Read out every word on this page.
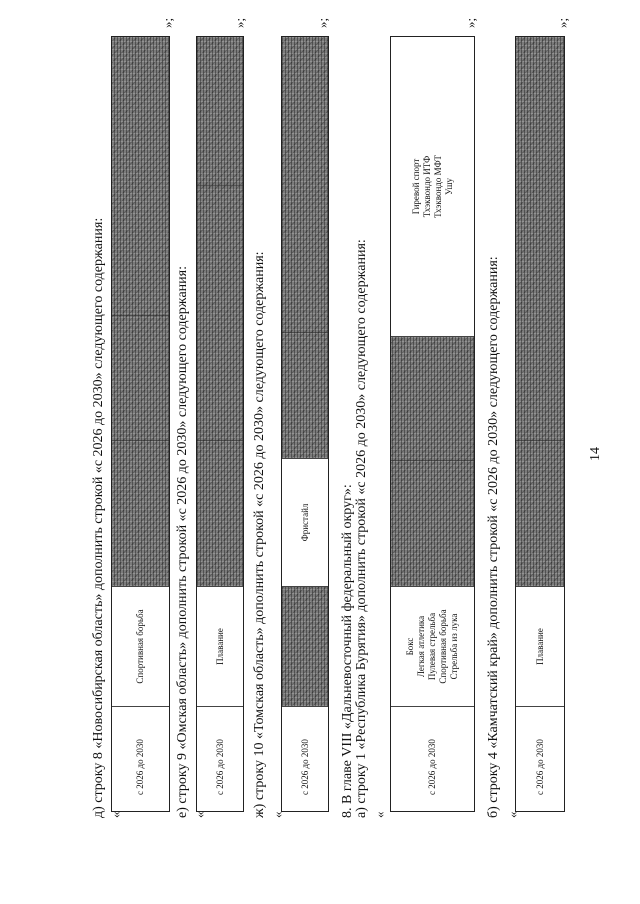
14
д) строку 8 «Новосибирская область» дополнить строкой «с 2026 до 2030» следующего содержания: «
с 2026 до 2030
Спортивная борьба
»;
е) строку 9 «Омская область» дополнить строкой «с 2026 до 2030» следующего содержания: «
с 2026 до 2030
Плавание
»;
ж) строку 10 «Томская область» дополнить строкой «с 2026 до 2030» следующего содержания: «
с 2026 до 2030
Фристайл
»;
8. В главе VIII «Дальневосточный федеральный округ»: а) строку 1 «Республика Бурятия» дополнить строкой «с 2026 до 2030» следующего содержания: «
с 2026 до 2030
Бокс Легкая атлетика Пулевая стрельба Спортивная борьба Стрельба из лука
Гиревой спорт Тхэквондо ИТФ Тхэквондо МФТ Ушу
»;
б) строку 4 «Камчатский край» дополнить строкой «с 2026 до 2030» следующего содержания: «
с 2026 до 2030
Плавание
»;
